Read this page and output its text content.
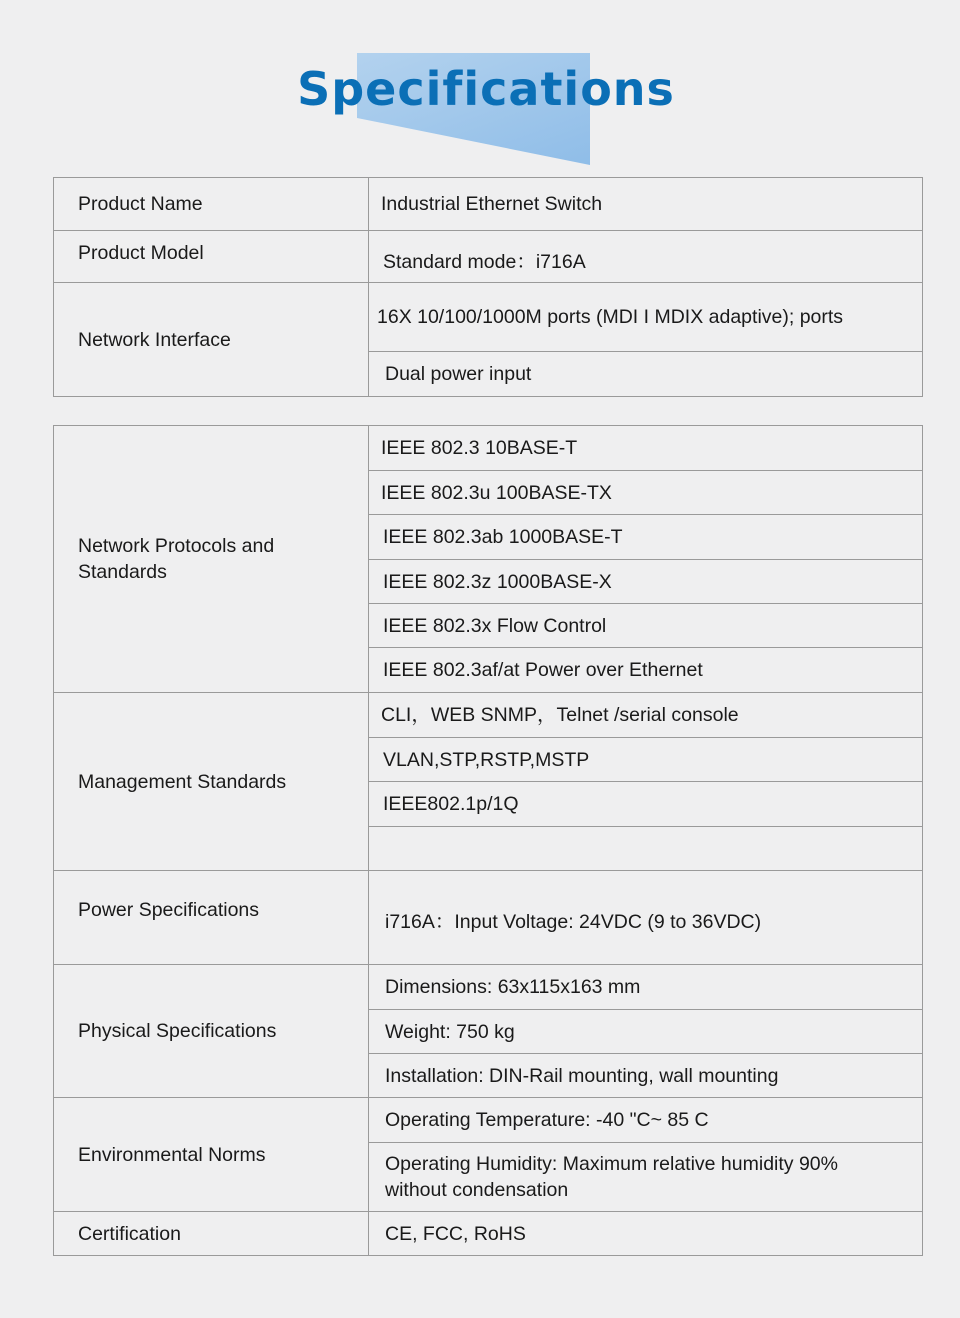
Specifications
Product Name	Industrial Ethernet Switch
Product Model	Standard mode：i716A
Network Interface	16X 10/100/1000M ports (MDI I MDIX adaptive); ports
	Dual power input
Network Protocols and Standards	IEEE 802.3 10BASE-T
	IEEE 802.3u 100BASE-TX
	IEEE 802.3ab 1000BASE-T
	IEEE 802.3z 1000BASE-X
	IEEE 802.3x Flow Control
	IEEE 802.3af/at Power over Ethernet
Management Standards	CLI，WEB SNMP，Telnet /serial console
	VLAN,STP,RSTP,MSTP
	IEEE802.1p/1Q

Power Specifications	i716A：Input Voltage: 24VDC (9 to 36VDC)
Physical Specifications	Dimensions: 63x115x163 mm
	Weight: 750 kg
	Installation: DIN-Rail mounting, wall mounting
Environmental Norms	Operating Temperature: -40 "C~ 85 C
	Operating Humidity: Maximum relative humidity 90% without condensation
Certification	CE, FCC, RoHS
